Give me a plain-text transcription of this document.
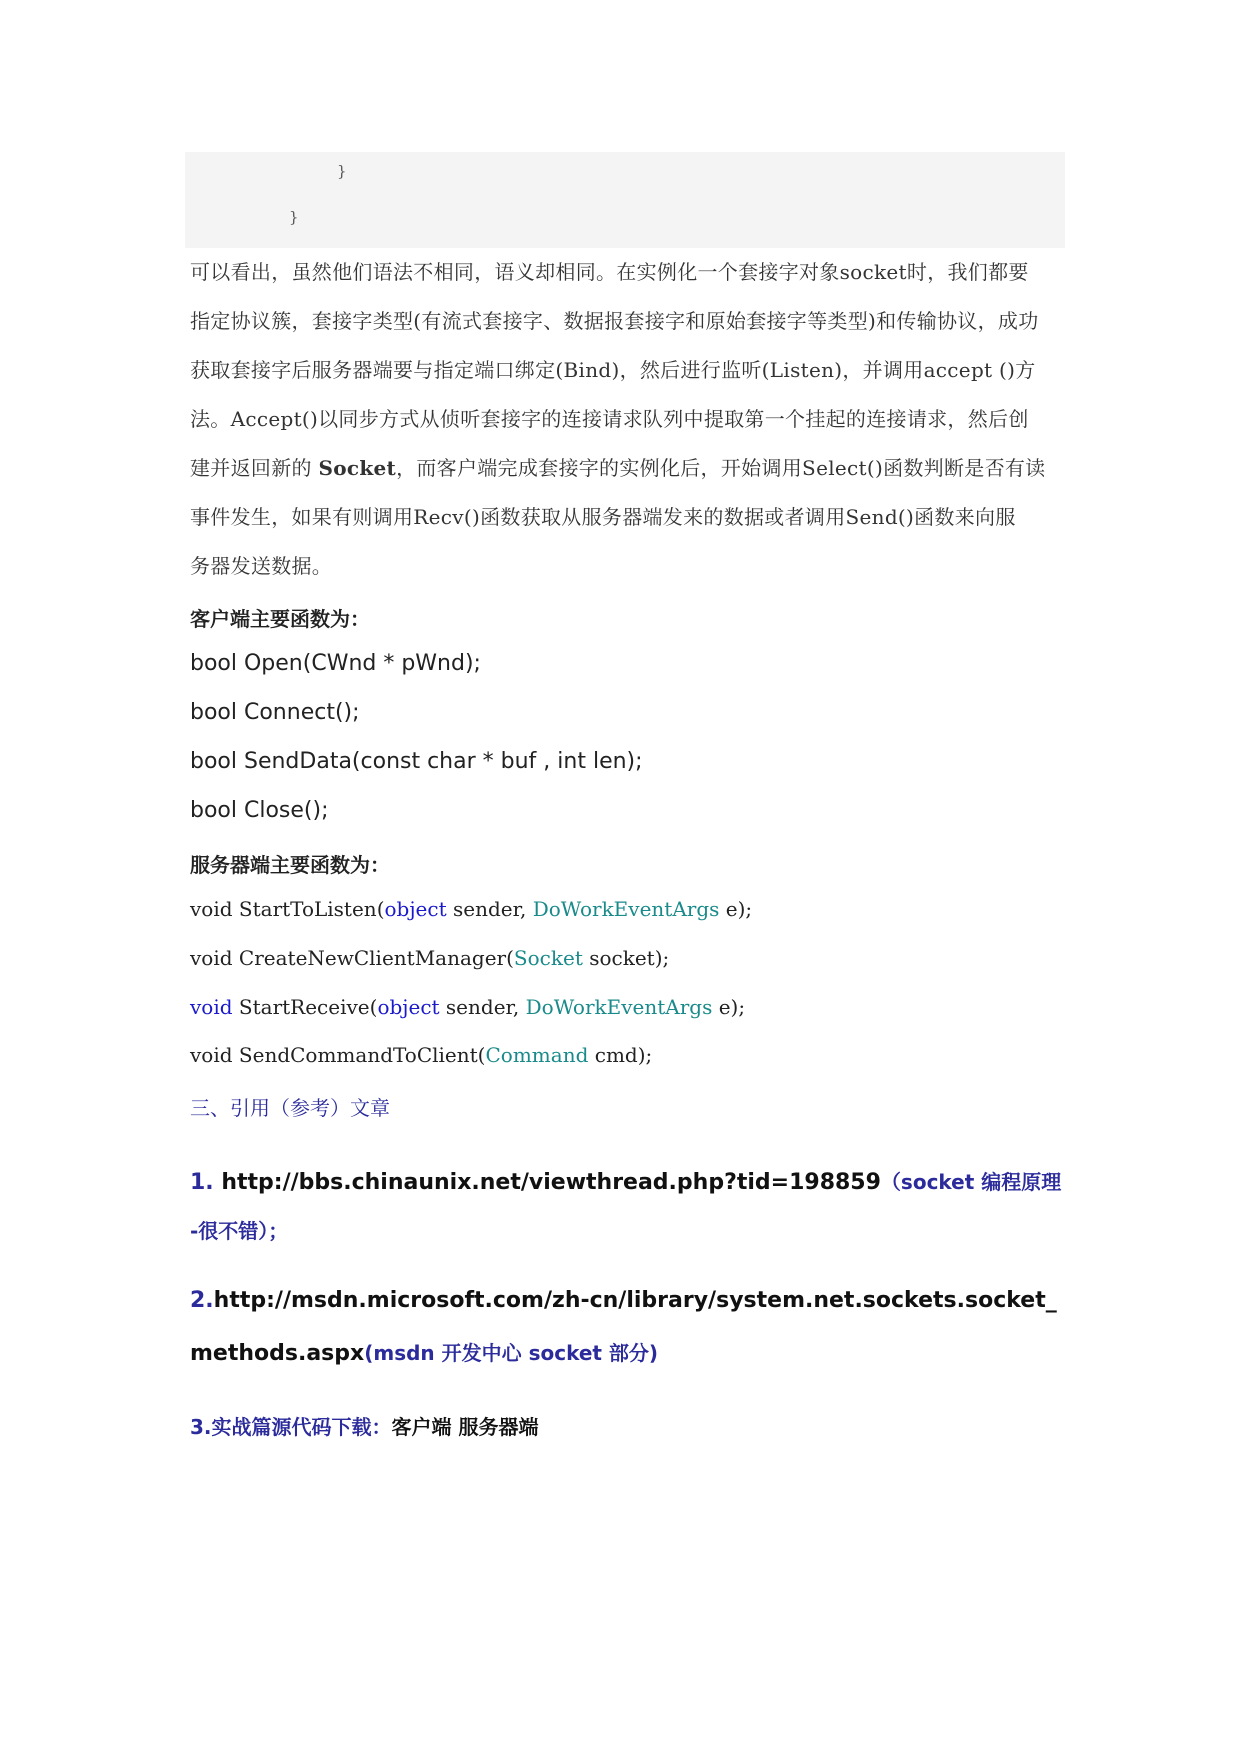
}
}
可以看出，虽然他们语法不相同，语义却相同。在实例化一个套接字对象socket时，我们都要
指定协议簇，套接字类型(有流式套接字、数据报套接字和原始套接字等类型)和传输协议，成功
获取套接字后服务器端要与指定端口绑定(Bind)，然后进行监听(Listen)，并调用accept ()方
法。Accept()以同步方式从侦听套接字的连接请求队列中提取第一个挂起的连接请求，然后创
建并返回新的 Socket，而客户端完成套接字的实例化后，开始调用Select()函数判断是否有读
事件发生，如果有则调用Recv()函数获取从服务器端发来的数据或者调用Send()函数来向服
务器发送数据。
客户端主要函数为：
bool Open(CWnd * pWnd);
bool Connect();
bool SendData(const char * buf , int len);
bool Close();
服务器端主要函数为：
void StartToListen(object sender, DoWorkEventArgs e);
void CreateNewClientManager(Socket socket);
void StartReceive(object sender, DoWorkEventArgs e);
void SendCommandToClient(Command cmd);
三、引用（参考）文章
1. http://bbs.chinaunix.net/viewthread.php?tid=198859（socket 编程原理
-很不错）；
2.http://msdn.microsoft.com/zh-cn/library/system.net.sockets.socket_
methods.aspx(msdn 开发中心 socket 部分)
3.实战篇源代码下载：客户端 服务器端
